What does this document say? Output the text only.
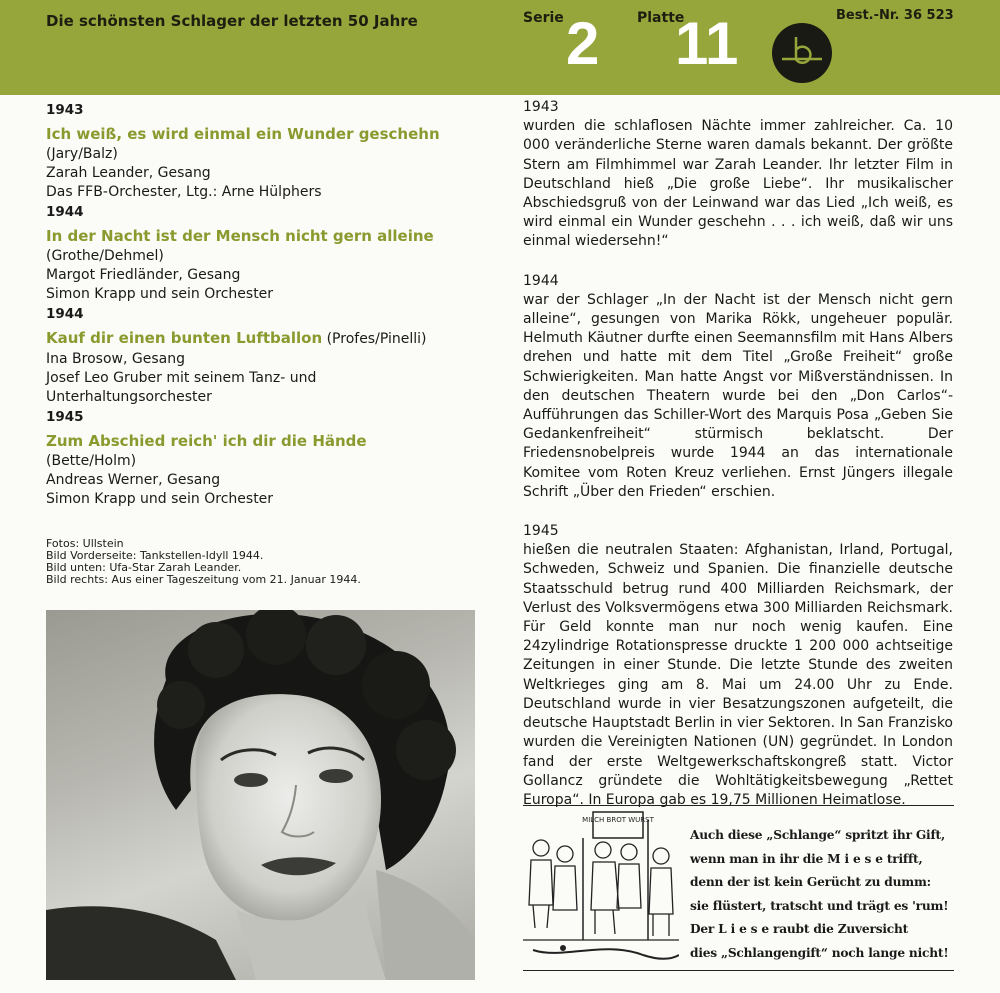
Die schönsten Schlager der letzten 50 Jahre	Serie 2	Platte
11	Best.-Nr. 36 523
1943
Ich weiß, es wird einmal ein Wunder geschehn
(Jary/Balz)
Zarah Leander, Gesang
Das FFB-Orchester, Ltg.: Arne Hülphers
1944
In der Nacht ist der Mensch nicht gern alleine
(Grothe/Dehmel)
Margot Friedländer, Gesang
Simon Krapp und sein Orchester
1944
Kauf dir einen bunten Luftballon (Profes/Pinelli)
Ina Brosow, Gesang
Josef Leo Gruber mit seinem Tanz- und
Unterhaltungsorchester
1945
Zum Abschied reich' ich dir die Hände
(Bette/Holm)
Andreas Werner, Gesang
Simon Krapp und sein Orchester
Fotos: Ullstein
Bild Vorderseite: Tankstellen-Idyll 1944.
Bild unten: Ufa-Star Zarah Leander.
Bild rechts: Aus einer Tageszeitung vom 21. Januar 1944.
1943
wurden die schlaflosen Nächte immer zahlreicher. Ca. 10 000 veränderliche Sterne waren damals bekannt. Der größte Stern am Filmhimmel war Zarah Leander. Ihr letzter Film in Deutschland hieß „Die große Liebe“. Ihr musikalischer Abschiedsgruß von der Leinwand war das Lied „Ich weiß, es wird einmal ein Wunder geschehn . . . ich weiß, daß wir uns einmal wiedersehn!“
1944
war der Schlager „In der Nacht ist der Mensch nicht gern alleine“, gesungen von Marika Rökk, ungeheuer populär. Helmuth Käutner durfte einen Seemannsfilm mit Hans Albers drehen und hatte mit dem Titel „Große Freiheit“ große Schwierigkeiten. Man hatte Angst vor Mißverständnissen. In den deutschen Theatern wurde bei den „Don Carlos“-Aufführungen das Schiller-Wort des Marquis Posa „Geben Sie Gedankenfreiheit“ stürmisch beklatscht. Der Friedensnobelpreis wurde 1944 an das internationale Komitee vom Roten Kreuz verliehen. Ernst Jüngers illegale Schrift „Über den Frieden“ erschien.
1945
hießen die neutralen Staaten: Afghanistan, Irland, Portugal, Schweden, Schweiz und Spanien. Die finanzielle deutsche Staatsschuld betrug rund 400 Milliarden Reichsmark, der Verlust des Volksvermögens etwa 300 Milliarden Reichsmark. Für Geld konnte man nur noch wenig kaufen. Eine 24zylindrige Rotationspresse druckte 1 200 000 achtseitige Zeitungen in einer Stunde. Die letzte Stunde des zweiten Weltkrieges ging am 8. Mai um 24.00 Uhr zu Ende. Deutschland wurde in vier Besatzungszonen aufgeteilt, die deutsche Hauptstadt Berlin in vier Sektoren. In San Franzisko wurden die Vereinigten Nationen (UN) gegründet. In London fand der erste Weltgewerkschaftskongreß statt. Victor Gollancz gründete die Wohltätigkeitsbewegung „Rettet Europa“. In Europa gab es 19,75 Millionen Heimatlose.
MILCH BROT WURST
Auch diese „Schlange“ spritzt ihr Gift,
wenn man in ihr die M i e s e trifft,
denn der ist kein Gerücht zu dumm:
sie flüstert, tratscht und trägt es 'rum!
Der L i e s e raubt die Zuversicht
dies „Schlangengift“ noch lange nicht!
